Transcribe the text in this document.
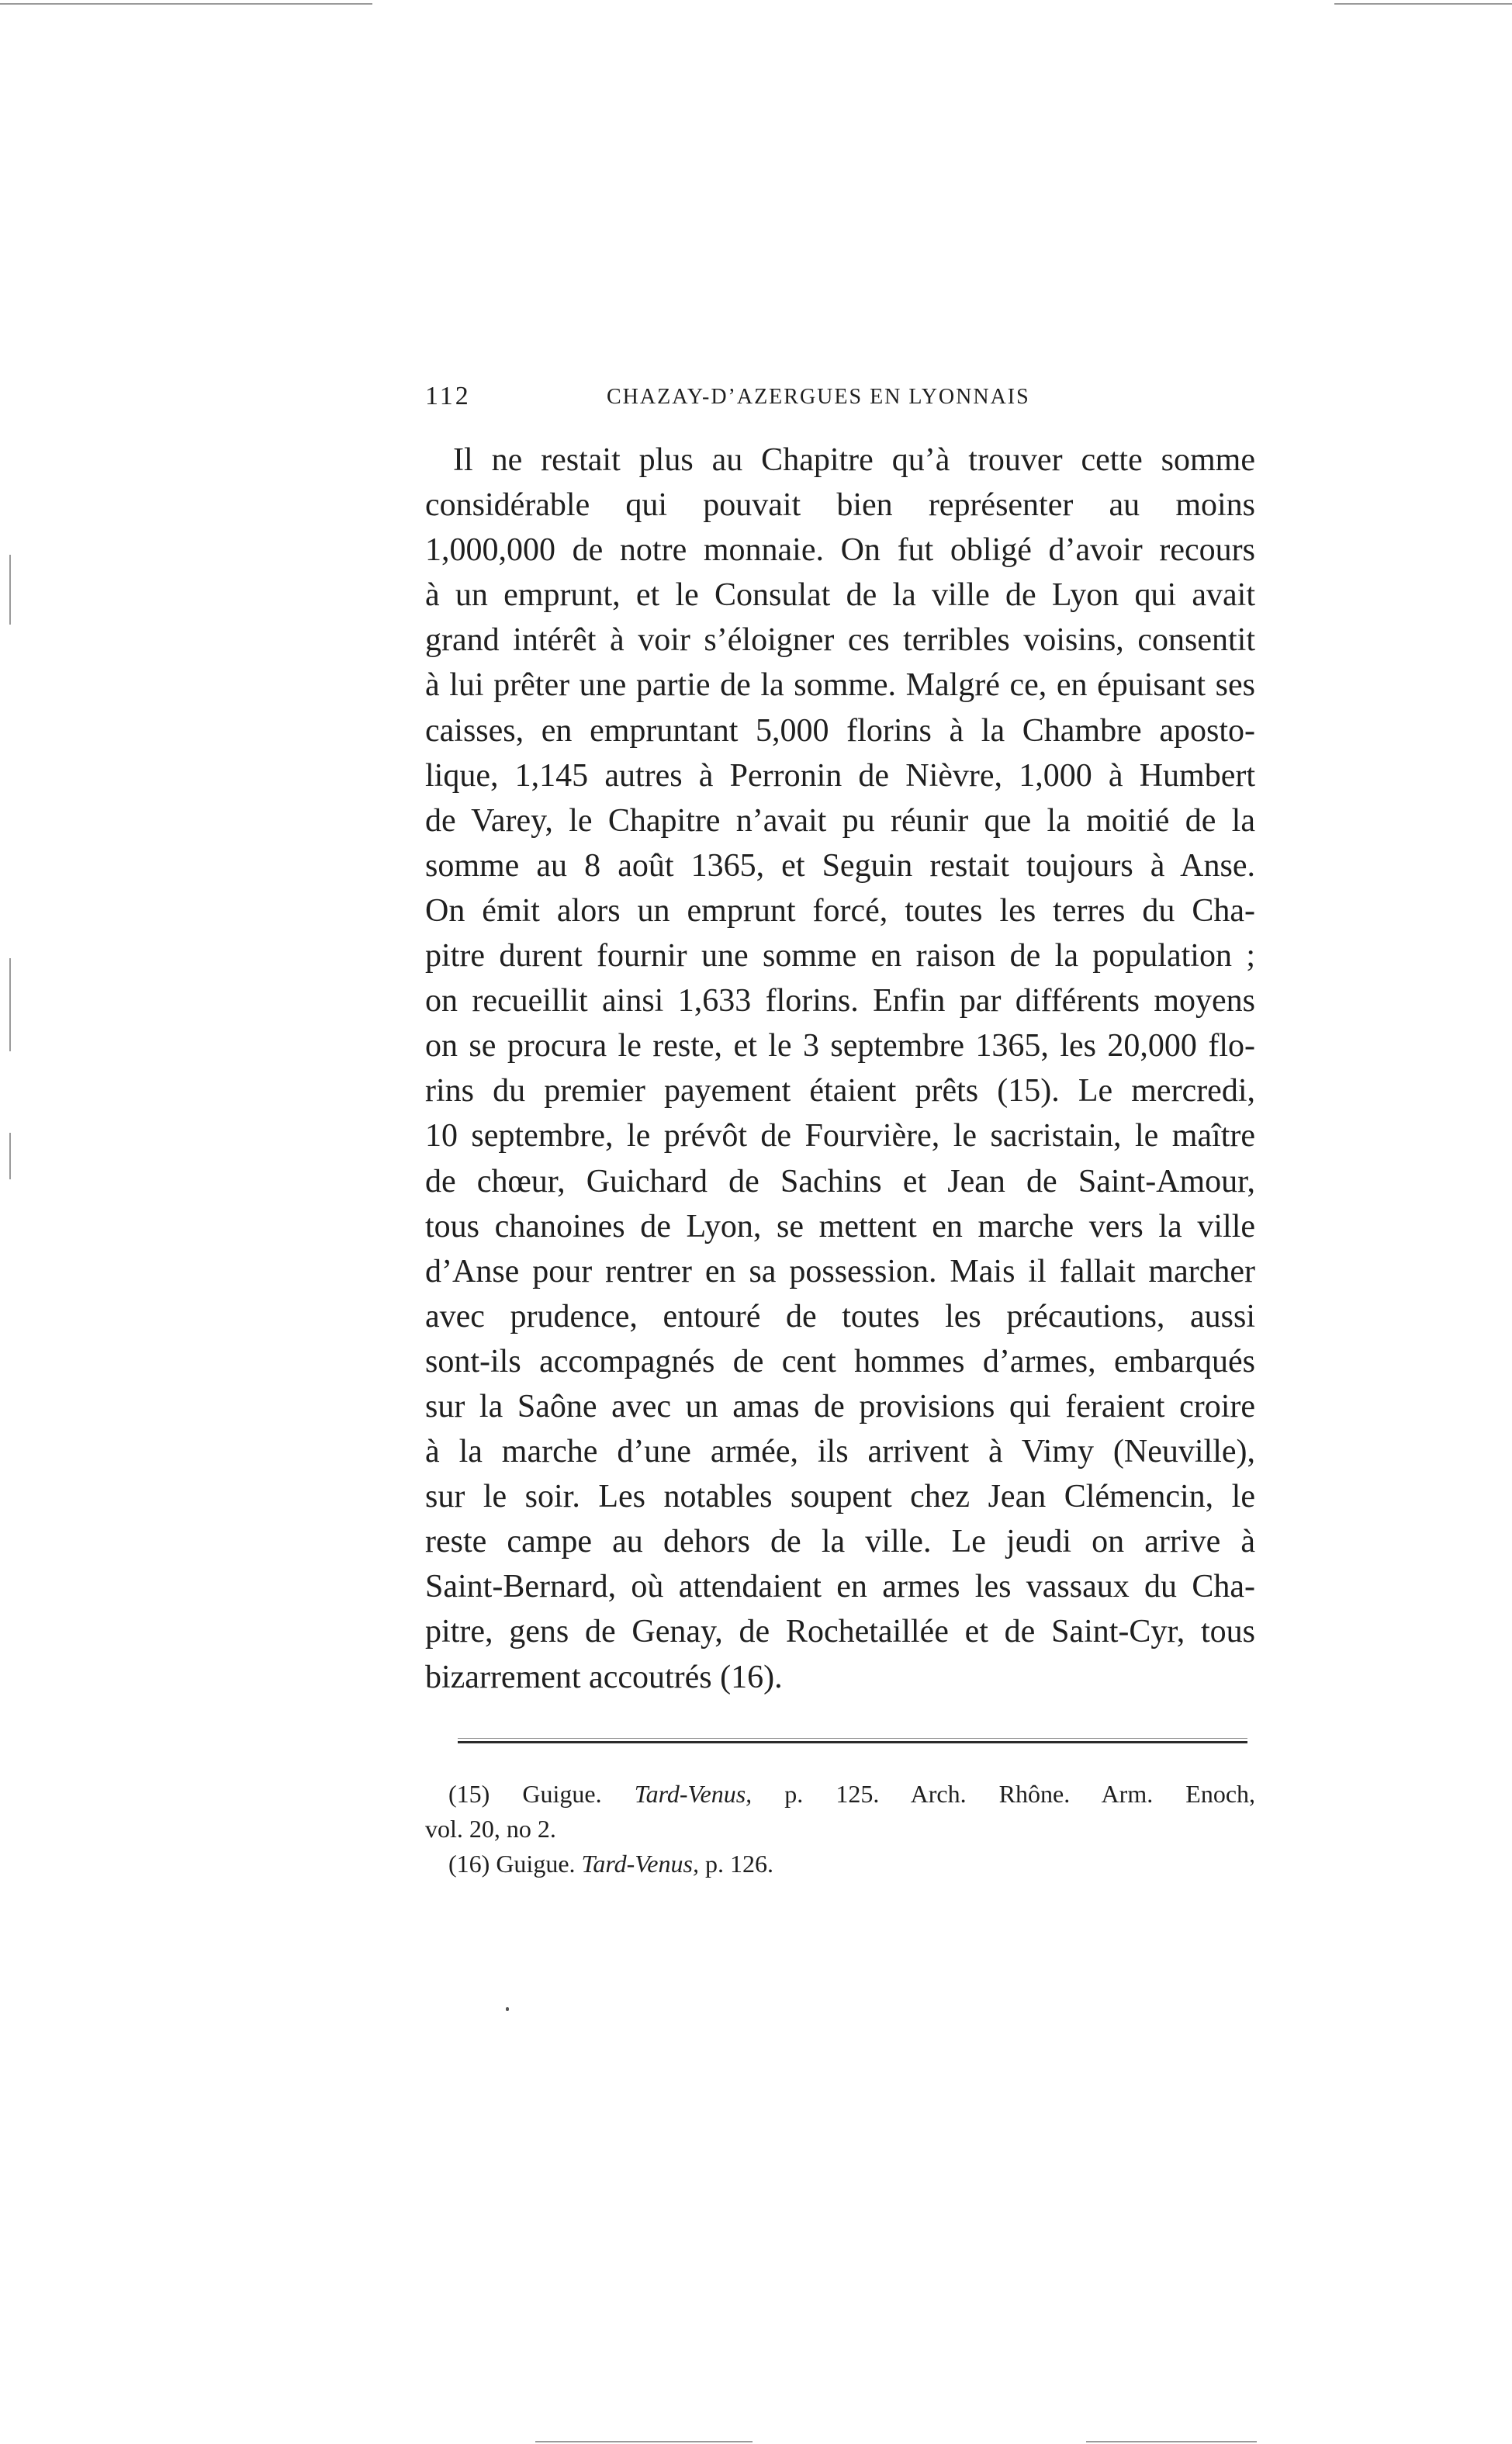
112	CHAZAY-D’AZERGUES EN LYONNAIS

Il ne restait plus au Chapitre qu’à trouver cette somme
considérable qui pouvait bien représenter au moins
1,000,000 de notre monnaie. On fut obligé d’avoir recours
à un emprunt, et le Consulat de la ville de Lyon qui avait
grand intérêt à voir s’éloigner ces terribles voisins, consentit
à lui prêter une partie de la somme. Malgré ce, en épuisant ses
caisses, en empruntant 5,000 florins à la Chambre aposto-
lique, 1,145 autres à Perronin de Nièvre, 1,000 à Humbert
de Varey, le Chapitre n’avait pu réunir que la moitié de la
somme au 8 août 1365, et Seguin restait toujours à Anse.
On émit alors un emprunt forcé, toutes les terres du Cha-
pitre durent fournir une somme en raison de la population ;
on recueillit ainsi 1,633 florins. Enfin par différents moyens
on se procura le reste, et le 3 septembre 1365, les 20,000 flo-
rins du premier payement étaient prêts (15). Le mercredi,
10 septembre, le prévôt de Fourvière, le sacristain, le maître
de chœur, Guichard de Sachins et Jean de Saint-Amour,
tous chanoines de Lyon, se mettent en marche vers la ville
d’Anse pour rentrer en sa possession. Mais il fallait marcher
avec prudence, entouré de toutes les précautions, aussi
sont-ils accompagnés de cent hommes d’armes, embarqués
sur la Saône avec un amas de provisions qui feraient croire
à la marche d’une armée, ils arrivent à Vimy (Neuville),
sur le soir. Les notables soupent chez Jean Clémencin, le
reste campe au dehors de la ville. Le jeudi on arrive à
Saint-Bernard, où attendaient en armes les vassaux du Cha-
pitre, gens de Genay, de Rochetaillée et de Saint-Cyr, tous
bizarrement accoutrés (16).

(15) Guigue. Tard-Venus, p. 125. Arch. Rhône. Arm. Enoch,
vol. 20, no 2.
(16) Guigue. Tard-Venus, p. 126.
